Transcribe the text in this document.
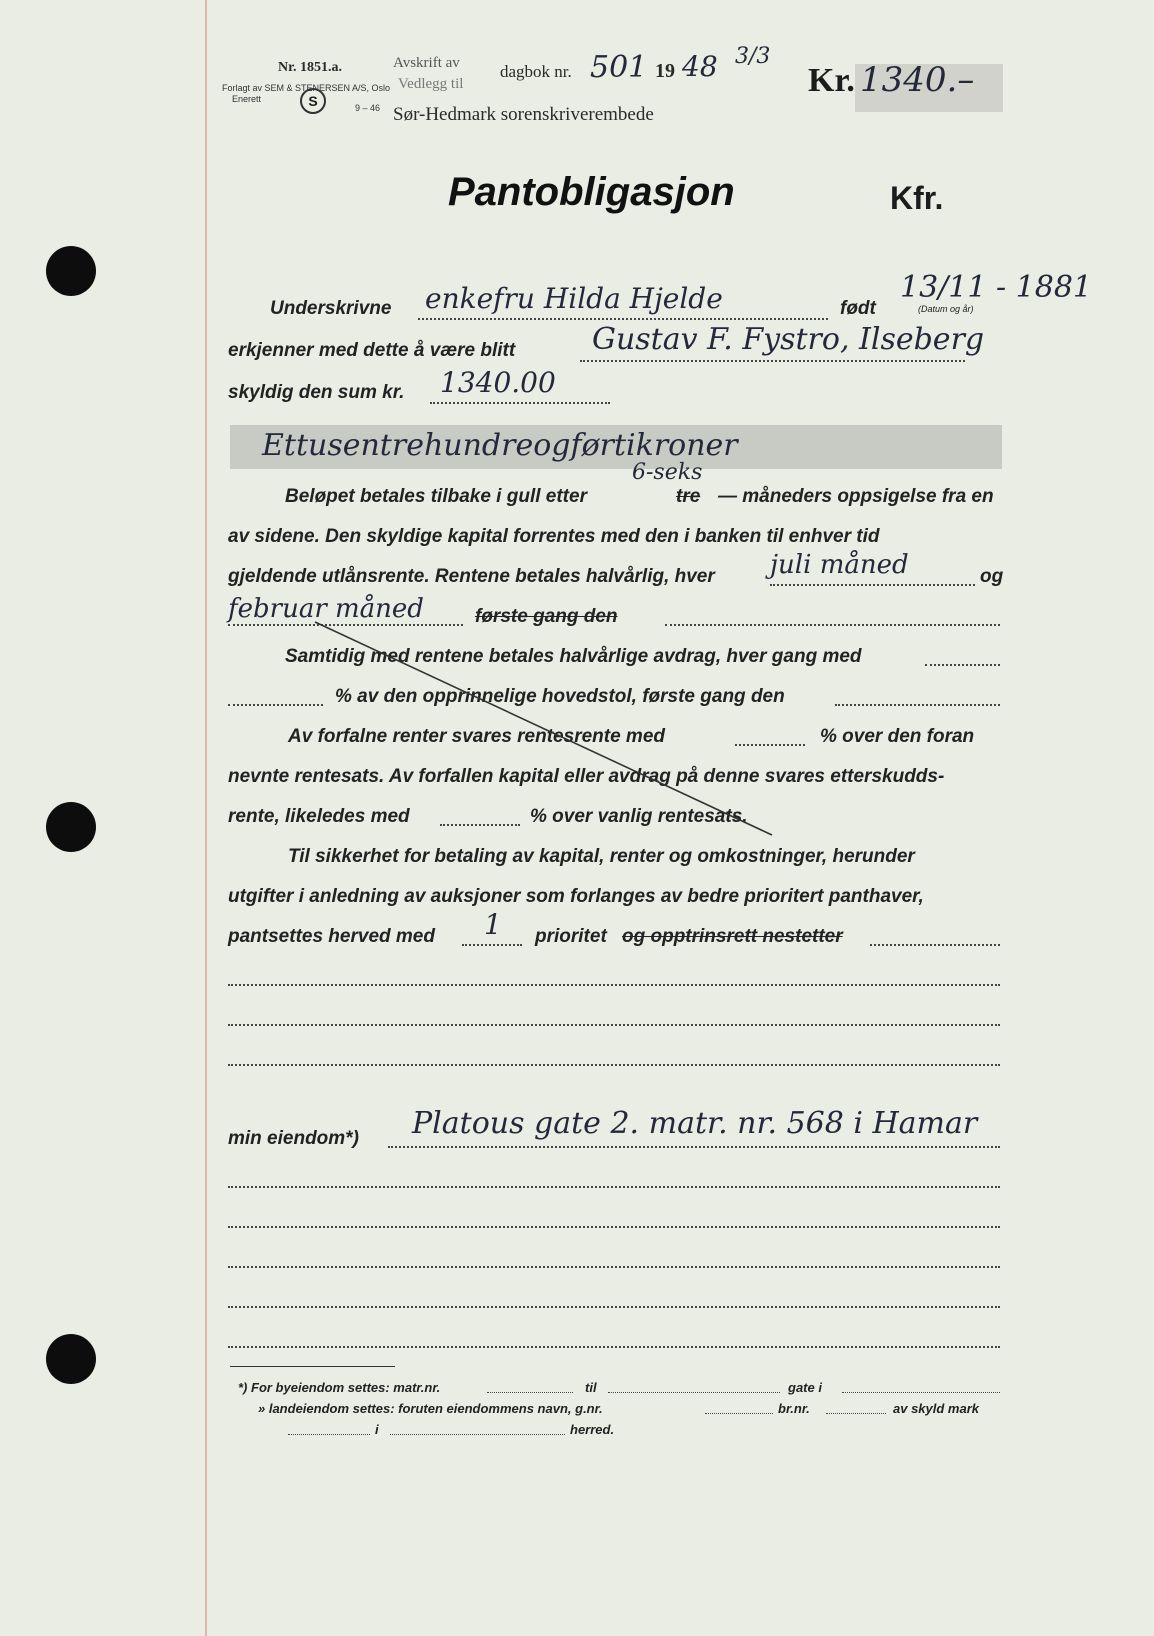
Nr. 1851.a.
Forlagt av SEM & STENERSEN A/S, Oslo
Enerett	S	9 – 46
Avskrift av
Vedlegg til
dagbok nr. 501 19 48 3/3
Sør-Hedmark sorenskriverembede
Kr. 1340.–
Pantobligasjon	Kfr.
Underskrivne enkefru Hilda Hjelde	født
13/11 - 1881
(Datum og år)
erkjenner med dette å være blitt	Gustav F. Fystro, Ilseberg
skyldig den sum kr. 1340.00
Ettusentrehundreogførtikroner
Beløpet betales tilbake i gull etter
6-seks
tre — måneders oppsigelse fra en
av sidene. Den skyldige kapital forrentes med den i banken til enhver tid
gjeldende utlånsrente. Rentene betales halvårlig, hver juli måned	og
februar måned	første gang den
Samtidig med rentene betales halvårlige avdrag, hver gang med
% av den opprinnelige hovedstol, første gang den
Av forfalne renter svares rentesrente med	% over den foran
nevnte rentesats. Av forfallen kapital eller avdrag på denne svares etterskudds-
rente, likeledes med	% over vanlig rentesats.
Til sikkerhet for betaling av kapital, renter og omkostninger, herunder
utgifter i anledning av auksjoner som forlanges av bedre prioritert panthaver,
pantsettes herved med 1 prioritet og opptrinsrett nestetter
min eiendom*) Platous gate 2. matr. nr. 568 i Hamar
*) For byeiendom settes: matr.nr.	til	gate i
» landeiendom settes: foruten eiendommens navn, g.nr.	br.nr.	av skyld mark
i	herred.
